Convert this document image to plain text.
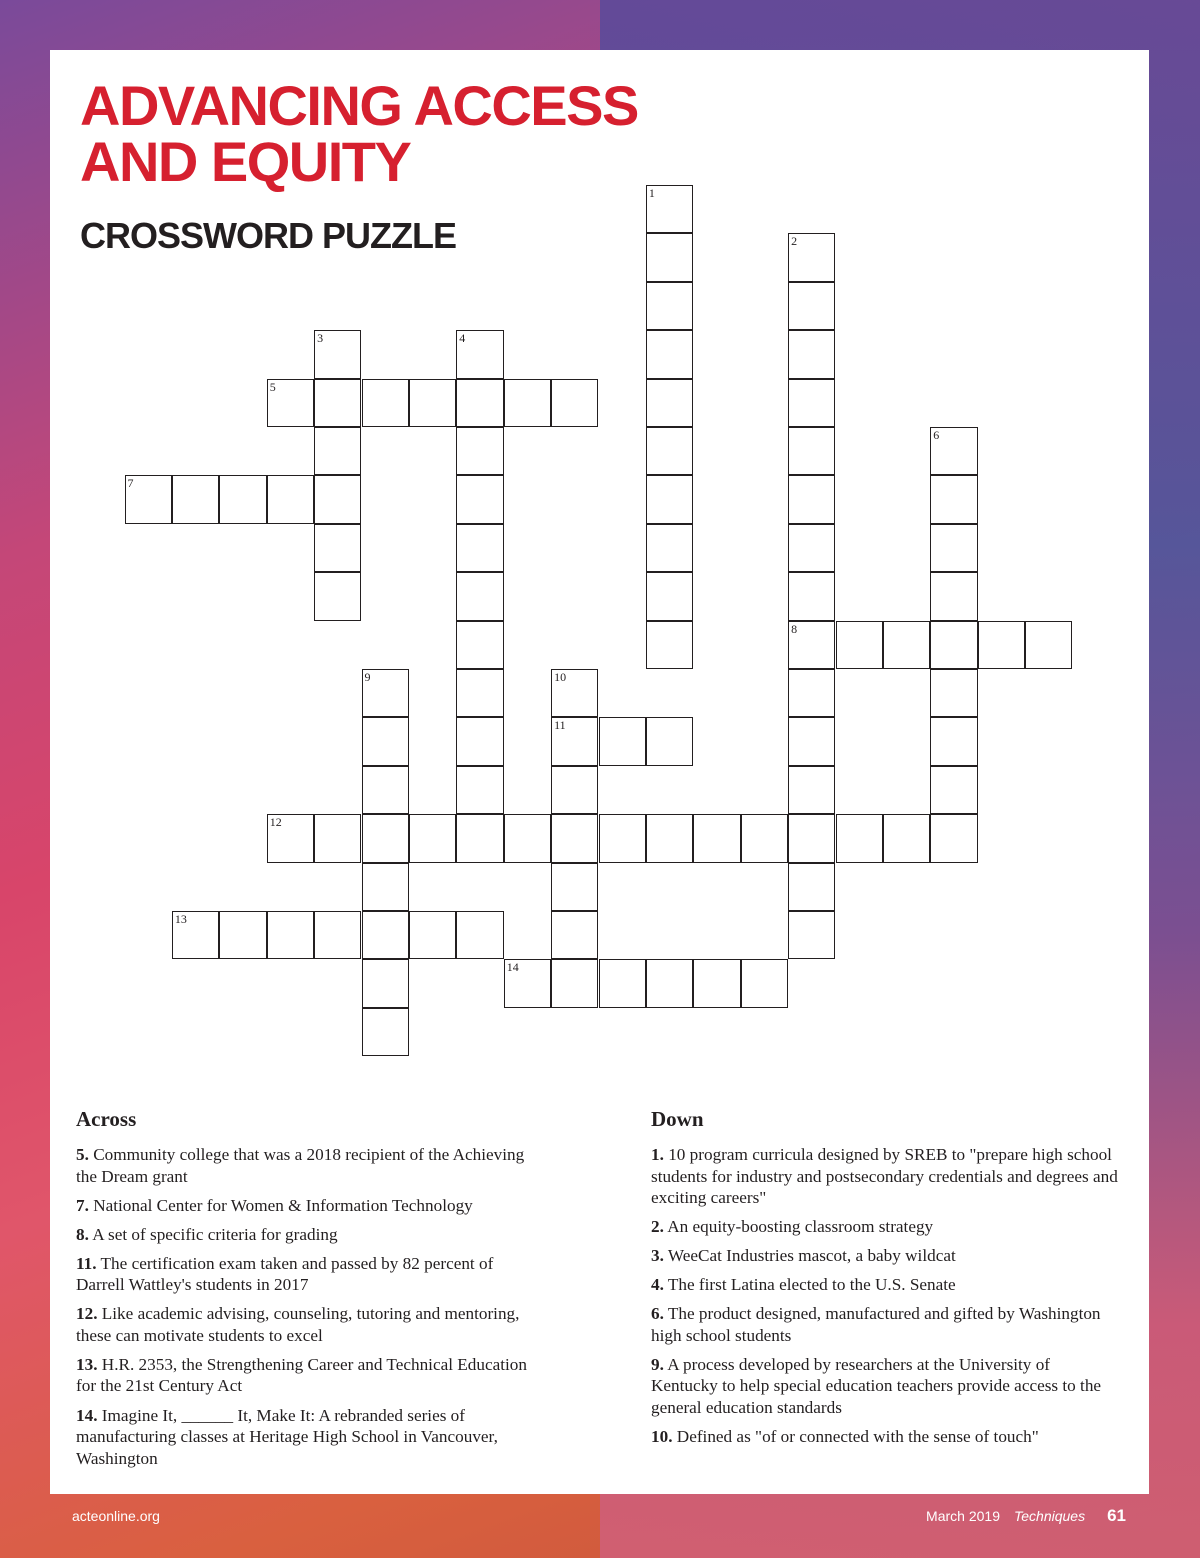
ADVANCING ACCESS AND EQUITY
CROSSWORD PUZZLE
1
2
8
3	4
5
6
7
9	10
11
12
13
14
Across

5. Community college that was a 2018 recipient of the Achieving the Dream grant

7. National Center for Women & Information Technology

8. A set of specific criteria for grading

11. The certification exam taken and passed by 82 percent of Darrell Wattley's students in 2017

12. Like academic advising, counseling, tutoring and mentoring, these can motivate students to excel

13. H.R. 2353, the Strengthening Career and Technical Education for the 21st Century Act

14. Imagine It, ______ It, Make It: A rebranded series of manufacturing classes at Heritage High School in Vancouver, Washington

Down

1. 10 program curricula designed by SREB to "prepare high school students for industry and postsecondary credentials and degrees and exciting careers"

2. An equity-boosting classroom strategy

3. WeeCat Industries mascot, a baby wildcat

4. The first Latina elected to the U.S. Senate

6. The product designed, manufactured and gifted by Washington high school students

9. A process developed by researchers at the University of Kentucky to help special education teachers provide access to the general education standards

10. Defined as "of or connected with the sense of touch"

acteonline.org	March 2019 Techniques 61
